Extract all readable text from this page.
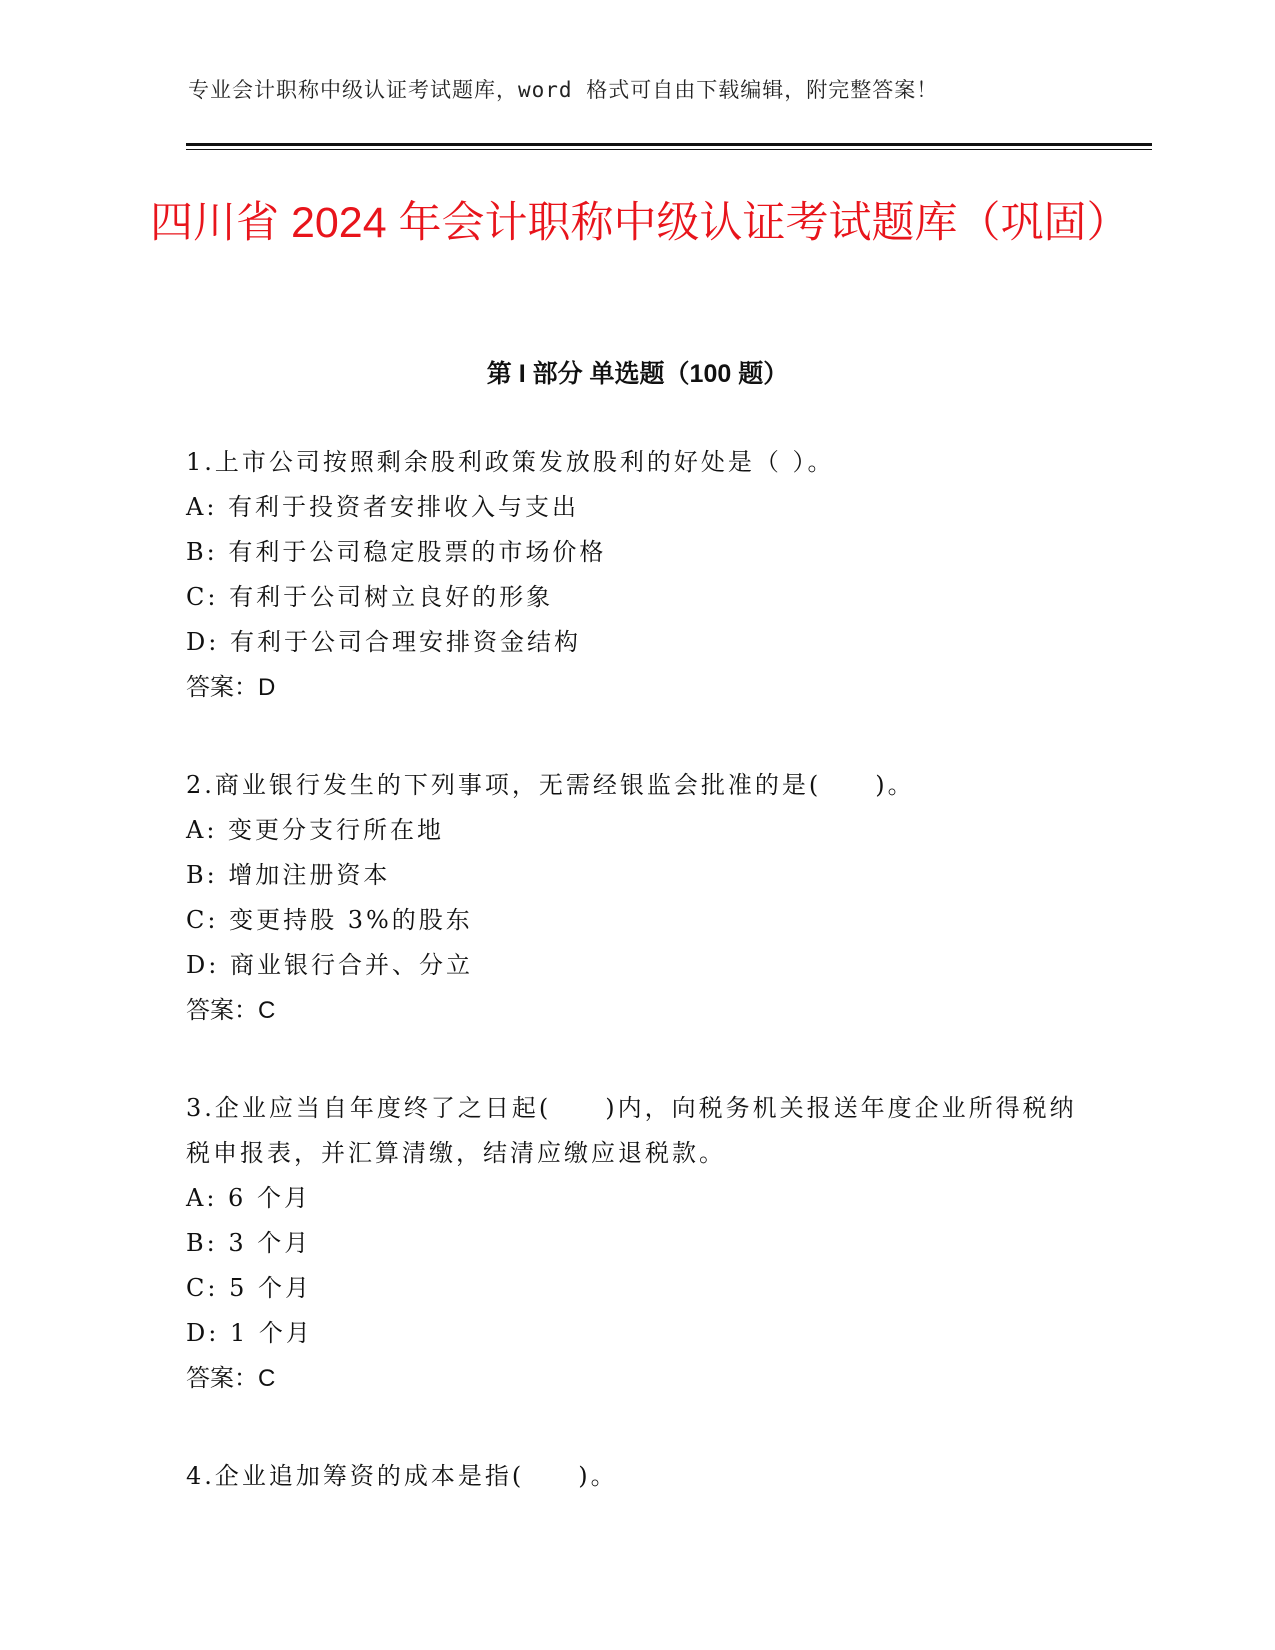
专业会计职称中级认证考试题库，word 格式可自由下载编辑，附完整答案！
四川省 2024 年会计职称中级认证考试题库（巩固）
第 I 部分 单选题（100 题）

1.上市公司按照剩余股利政策发放股利的好处是（ ）。

A: 有利于投资者安排收入与支出

B: 有利于公司稳定股票的市场价格

C: 有利于公司树立良好的形象

D: 有利于公司合理安排资金结构

答案：D

2.商业银行发生的下列事项，无需经银监会批准的是(　　)。

A: 变更分支行所在地

B: 增加注册资本

C: 变更持股 3%的股东

D: 商业银行合并、分立

答案：C

3.企业应当自年度终了之日起(　　)内，向税务机关报送年度企业所得税纳税申报表，并汇算清缴，结清应缴应退税款。

A: 6 个月

B: 3 个月

C: 5 个月

D: 1 个月

答案：C

4.企业追加筹资的成本是指(　　)。
